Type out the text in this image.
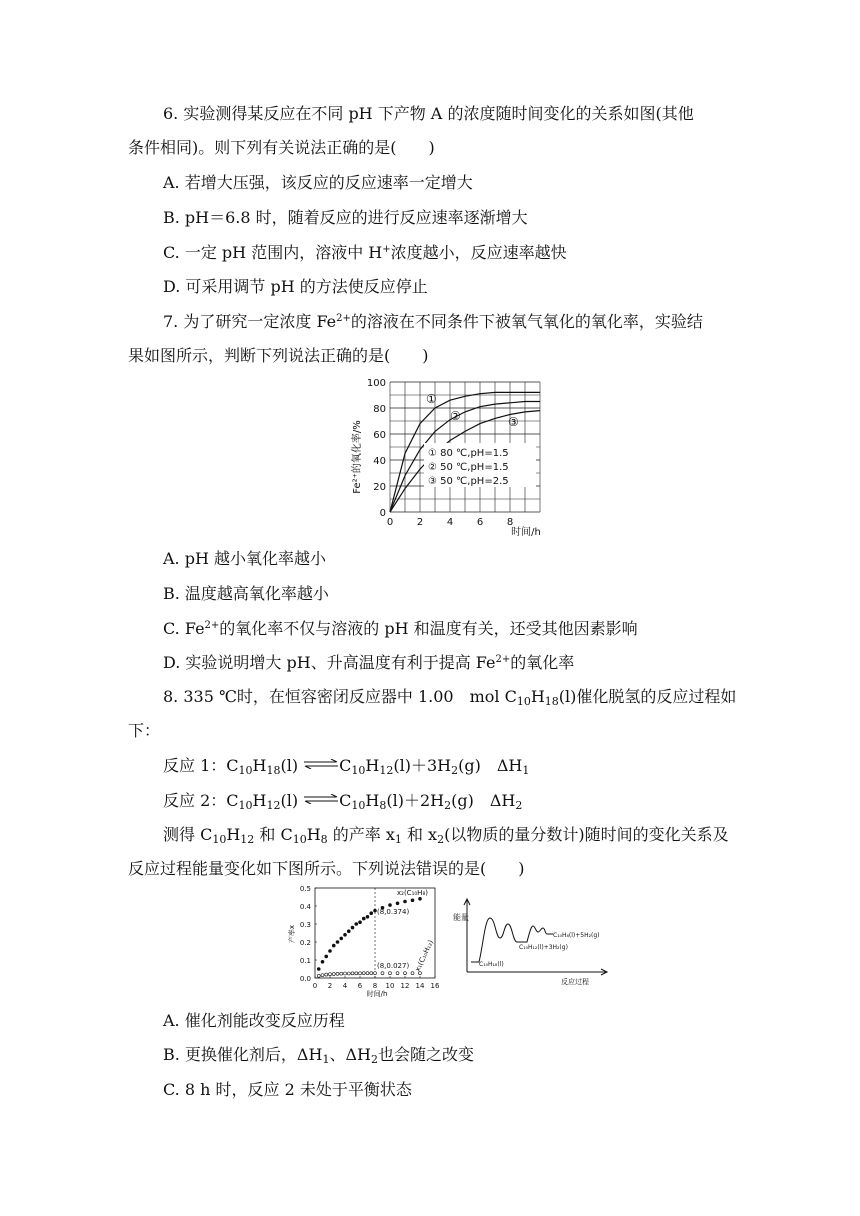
6. 实验测得某反应在不同 pH 下产物 A 的浓度随时间变化的关系如图(其他
条件相同)。则下列有关说法正确的是(　　)
A. 若增大压强，该反应的反应速率一定增大
B. pH＝6.8 时，随着反应的进行反应速率逐渐增大
C. 一定 pH 范围内，溶液中 H+浓度越小，反应速率越快
D. 可采用调节 pH 的方法使反应停止
7. 为了研究一定浓度 $Fe^{2+}$的溶液在不同条件下被氧气氧化的氧化率，实验结
果如图所示，判断下列说法正确的是(　　)
Fe²⁺的氧化率/%
时间/h
0
20
40
60
80
100
0 2 4 6 8
①
②	③
① 80 ℃,pH=1.5
② 50 ℃,pH=1.5
③ 50 ℃,pH=2.5
A. pH 越小氧化率越小
B. 温度越高氧化率越小
C. $Fe^{2+}$的氧化率不仅与溶液的 pH 和温度有关，还受其他因素影响
D. 实验说明增大 pH、升高温度有利于提高 $Fe^{2+}$的氧化率
8. 335 ℃时，在恒容密闭反应器中 1.00　mol $C_{10}H_{18}(l)$催化脱氢的反应过程如
下：
反应 1：$C_{10}H_{18}(l)$ $\rightleftharpoons C_{10}H_{12}(l)+3H_2(g)$　$\Delta H_1$
反应 2：$C_{10}H_{12}(l)$ $\rightleftharpoons C_{10}H_8(l)+2H_2(g)$　$\Delta H_2$
测得 $C_{10}H_{12}$ 和 $C_{10}H_8$ 的产率 $x_1$ 和 $x_2$(以物质的量分数计)随时间的变化关系及
反应过程能量变化如下图所示。下列说法错误的是(　　)
产率x
时间/h
0.0
0.1
0.2
0.3
0.4
0.5
0 2 4 6 8 10 12 14 16
x₂(C₁₀H₈)
(8,0.374)
(8,0.027) x₁(C₁₀H₁₂)
能量
反应过程
C₁₀H₁₈(l)
C₁₀H₁₂(l)+3H₂(g)
C₁₀H₈(l)+5H₂(g)
A. 催化剂能改变反应历程
B. 更换催化剂后，$\Delta H_1$、$\Delta H_2$也会随之改变
C. 8 h 时，反应 2 未处于平衡状态
